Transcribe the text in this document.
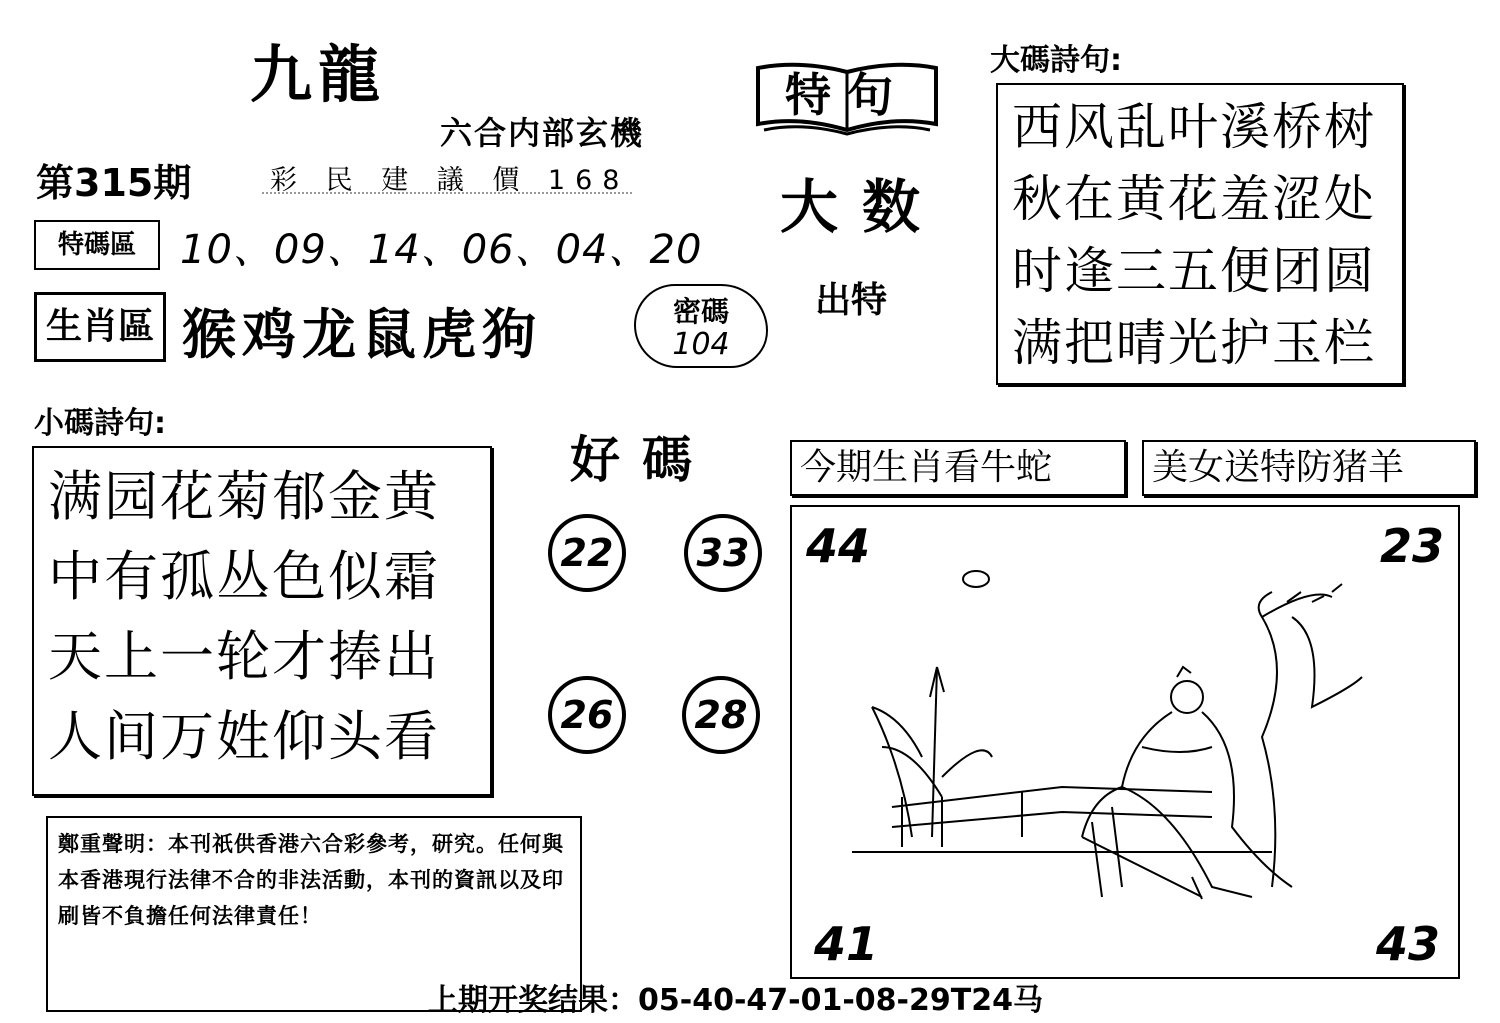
九龍
六合内部玄機
第315期	彩 民 建 議 價 168
特碼區	10、09、14、06、04、20
生肖區 猴鸡龙鼠虎狗	密碼
104
特句
大数
出特
大碼詩句:
西风乱叶溪桥树
秋在黄花羞涩处
时逢三五便团圆
满把晴光护玉栏
小碼詩句:
满园花菊郁金黄
中有孤丛色似霜
天上一轮才捧出
人间万姓仰头看
好碼
22	33
26	28
今期生肖看牛蛇	美女送特防猪羊
44	23
41	43
鄭重聲明：本刊祇供香港六合彩參考，研究。任何與本香港現行法律不合的非法活動，本刊的資訊以及印刷皆不負擔任何法律責任！
上期开奖结果：05-40-47-01-08-29T24马
